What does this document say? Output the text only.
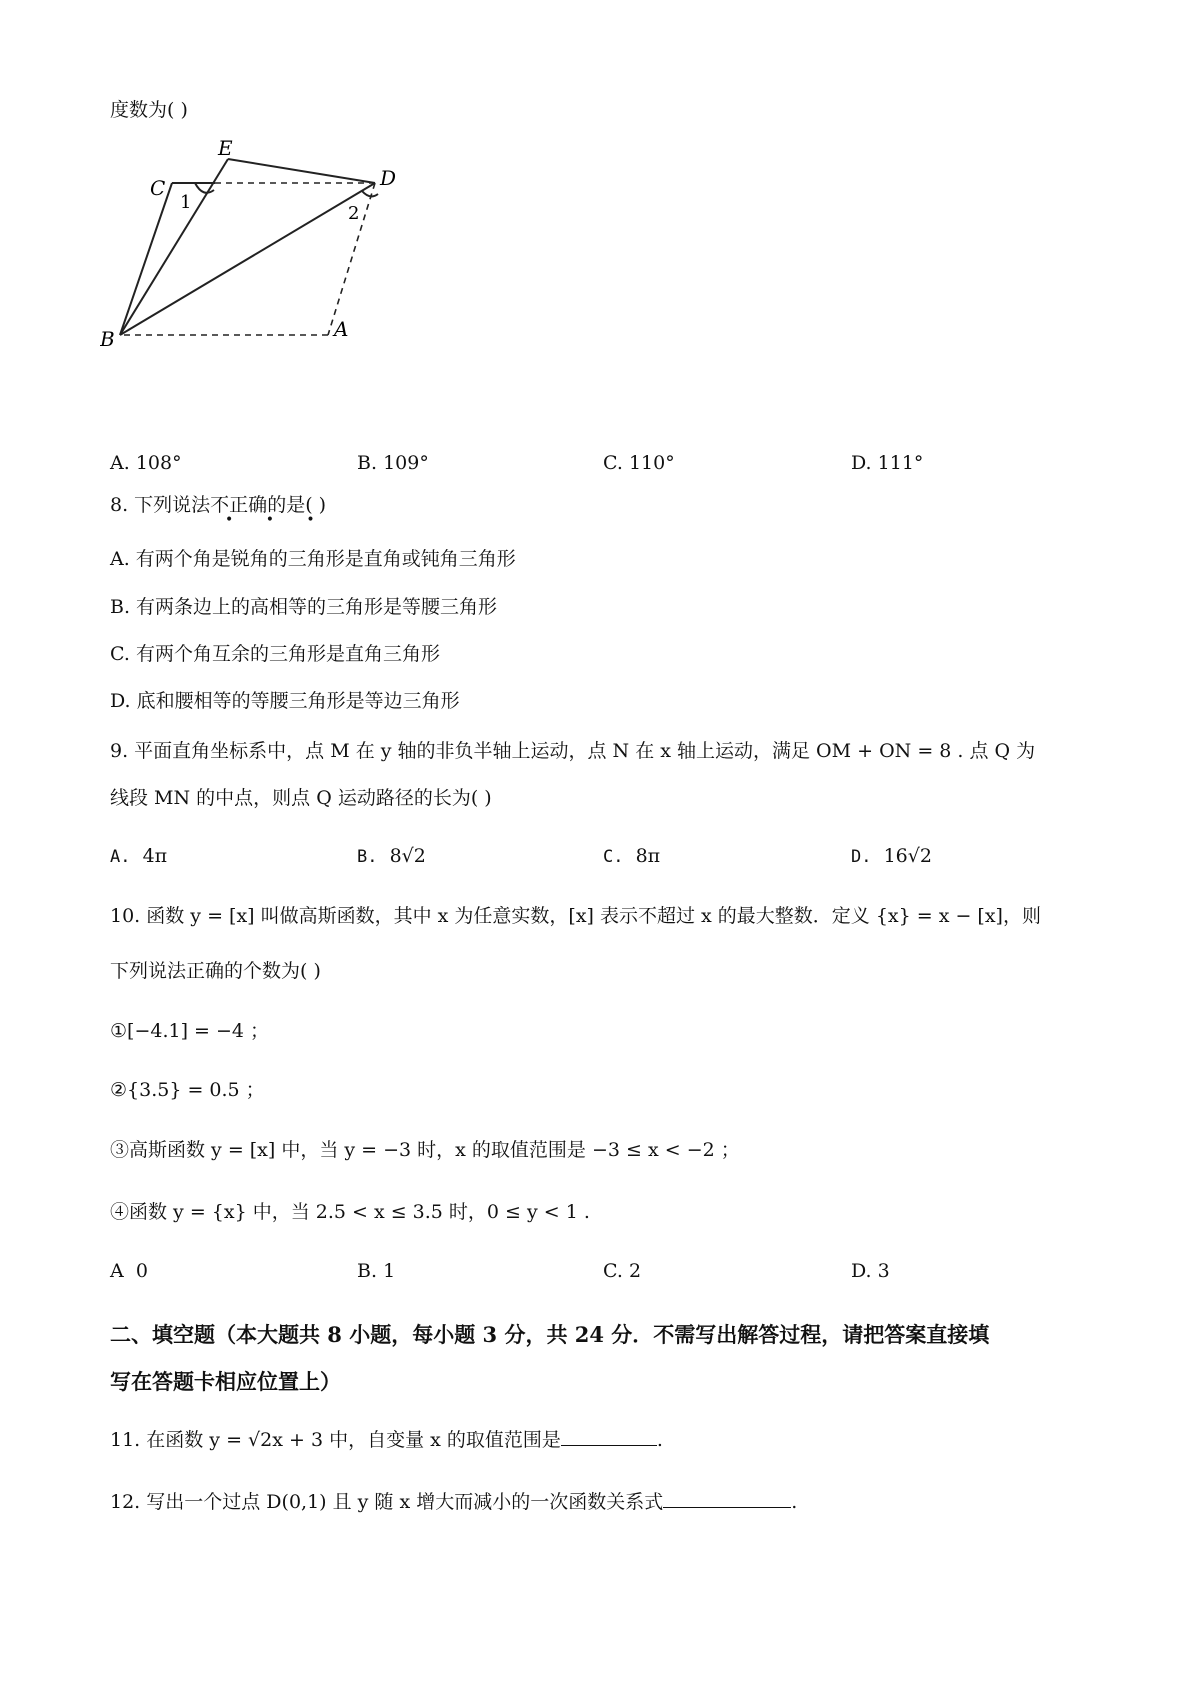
度数为( )
E
C	D
B	A
1
2
A. 108°	B. 109°	C. 110°	D. 111°
8. 下列说法不正确的是( )
• • •
A. 有两个角是锐角的三角形是直角或钝角三角形
B. 有两条边上的高相等的三角形是等腰三角形
C. 有两个角互余的三角形是直角三角形
D. 底和腰相等的等腰三角形是等边三角形
9. 平面直角坐标系中，点 M 在 y 轴的非负半轴上运动，点 N 在 x 轴上运动，满足 OM + ON = 8 . 点 Q 为
线段 MN 的中点，则点 Q 运动路径的长为( )
A. 4π	B. 8√2	C. 8π	D. 16√2
10. 函数 y = [x] 叫做高斯函数，其中 x 为任意实数，[x] 表示不超过 x 的最大整数．定义 {x} = x − [x]，则
下列说法正确的个数为( )
①[−4.1] = −4 ；
②{3.5} = 0.5 ；
③高斯函数 y = [x] 中，当 y = −3 时，x 的取值范围是 −3 ≤ x < −2 ；
④函数 y = {x} 中，当 2.5 < x ≤ 3.5 时，0 ≤ y < 1 .
A 0	B. 1	C. 2	D. 3
二、填空题（本大题共 8 小题，每小题 3 分，共 24 分．不需写出解答过程，请把答案直接填
写在答题卡相应位置上）
11. 在函数 y = √2x + 3 中，自变量 x 的取值范围是	.
12. 写出一个过点 D(0,1) 且 y 随 x 增大而减小的一次函数关系式	.
